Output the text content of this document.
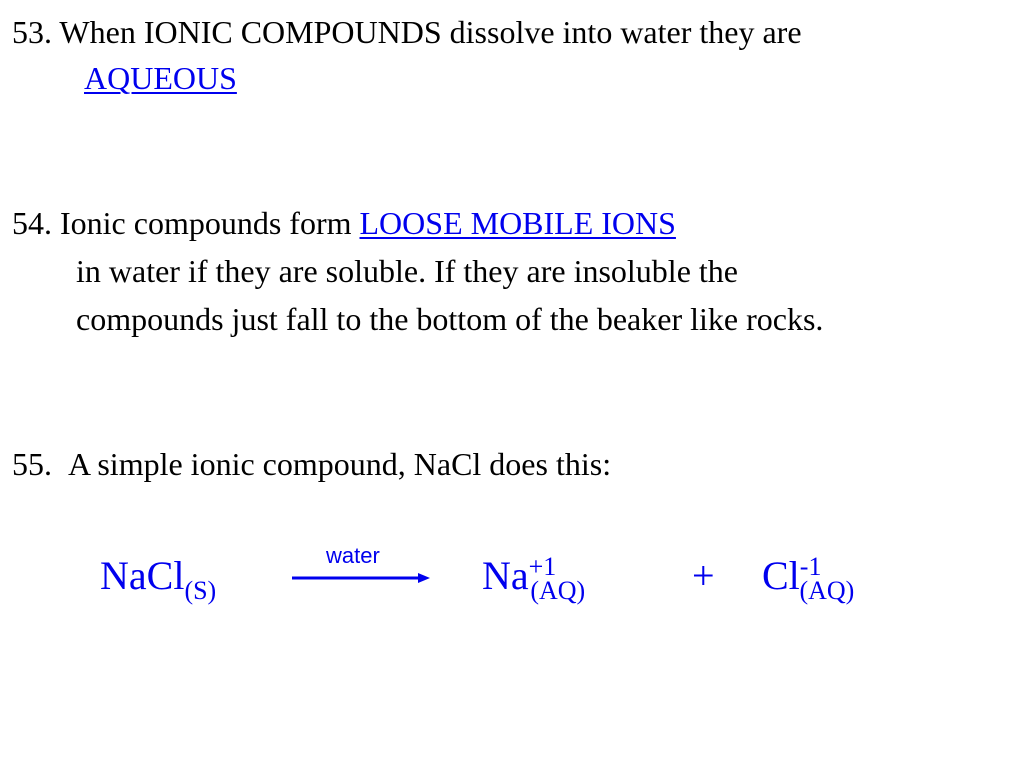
53. When IONIC COMPOUNDS dissolve into water they are
AQUEOUS
54. Ionic compounds form LOOSE MOBILE IONS
in water if they are soluble. If they are insoluble the
compounds just fall to the bottom of the beaker like rocks.
55. A simple ionic compound, NaCl does this:
NaCl$_{(S)}$
water	$Na^{+1}_{(AQ)}$	+ $Cl^{-1}_{(AQ)}$
